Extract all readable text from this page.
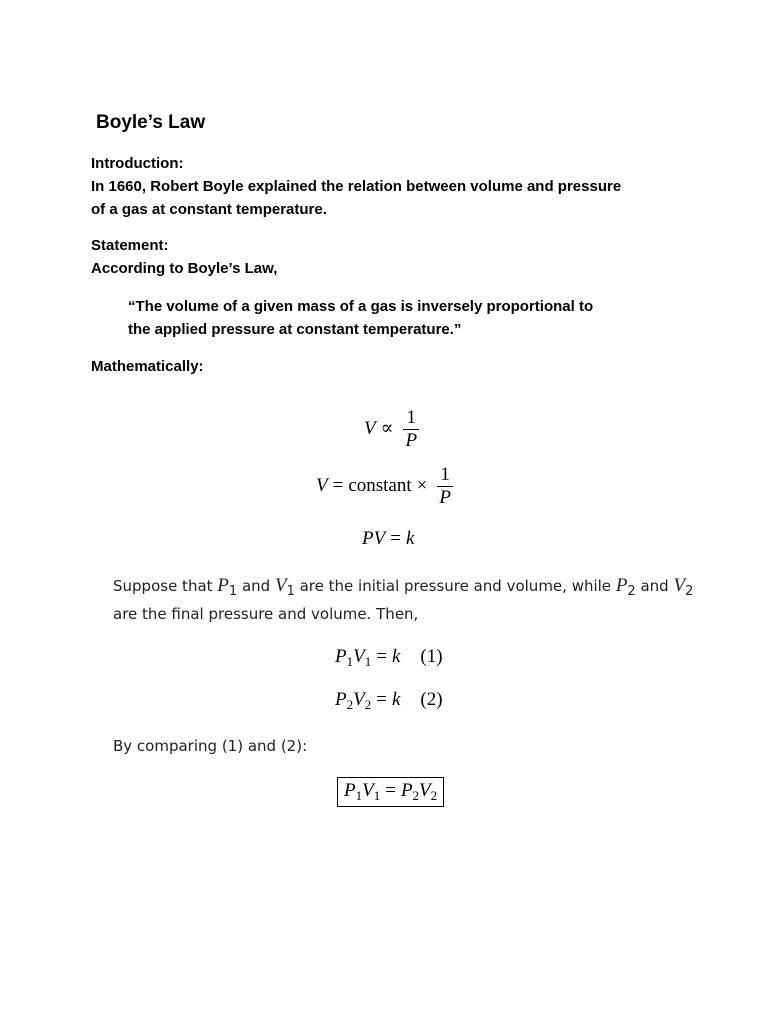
Boyle’s Law
Introduction:
In 1660, Robert Boyle explained the relation between volume and pressure
of a gas at constant temperature.
Statement:
According to Boyle’s Law,
“The volume of a given mass of a gas is inversely proportional to
the applied pressure at constant temperature.”
Mathematically:
$V \propto \frac{1}{P}$
V = constant × $\frac{1}{P}$
PV = k
Suppose that P1 and V1 are the initial pressure and volume, while P2 and V2
are the final pressure and volume. Then,
$P_1V_1 = k$ (1)
$P_2V_2 = k$ (2)
By comparing (1) and (2):
$P_1V_1 = P_2V_2$
